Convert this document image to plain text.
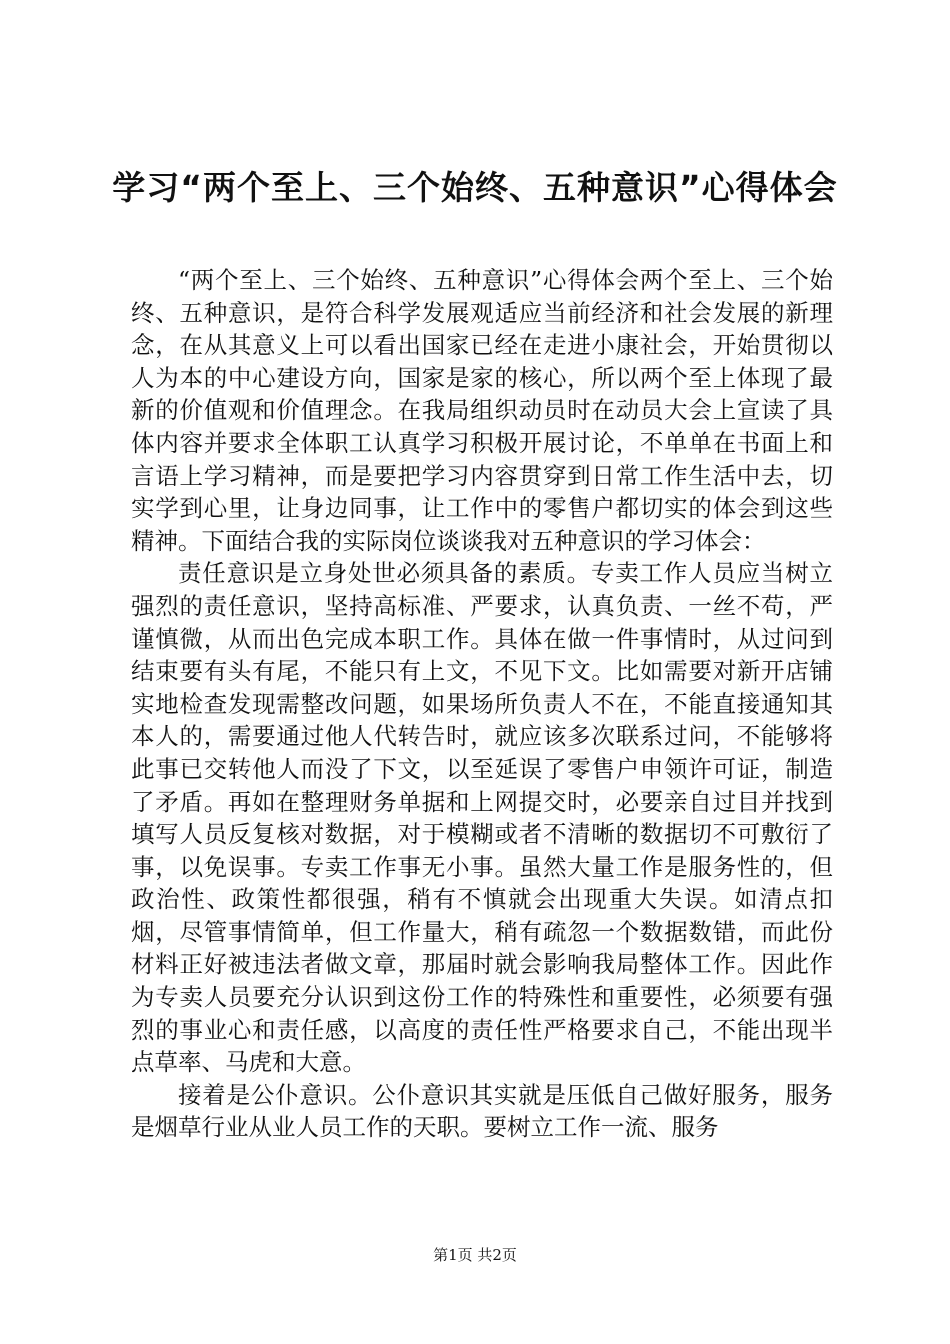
学习“两个至上、三个始终、五种意识”心得体会

“两个至上、三个始终、五种意识”心得体会两个至上、三个始终、五种意识，是符合科学发展观适应当前经济和社会发展的新理念，在从其意义上可以看出国家已经在走进小康社会，开始贯彻以人为本的中心建设方向，国家是家的核心，所以两个至上体现了最新的价值观和价值理念。在我局组织动员时在动员大会上宣读了具体内容并要求全体职工认真学习积极开展讨论，不单单在书面上和言语上学习精神，而是要把学习内容贯穿到日常工作生活中去，切实学到心里，让身边同事，让工作中的零售户都切实的体会到这些精神。下面结合我的实际岗位谈谈我对五种意识的学习体会：

责任意识是立身处世必须具备的素质。专卖工作人员应当树立强烈的责任意识，坚持高标准、严要求，认真负责、一丝不苟，严谨慎微，从而出色完成本职工作。具体在做一件事情时，从过问到结束要有头有尾，不能只有上文，不见下文。比如需要对新开店铺实地检查发现需整改问题，如果场所负责人不在，不能直接通知其本人的，需要通过他人代转告时，就应该多次联系过问，不能够将此事已交转他人而没了下文，以至延误了零售户申领许可证，制造了矛盾。再如在整理财务单据和上网提交时，必要亲自过目并找到填写人员反复核对数据，对于模糊或者不清晰的数据切不可敷衍了事，以免误事。专卖工作事无小事。虽然大量工作是服务性的，但政治性、政策性都很强，稍有不慎就会出现重大失误。如清点扣烟，尽管事情简单，但工作量大，稍有疏忽一个数据数错，而此份材料正好被违法者做文章，那届时就会影响我局整体工作。因此作为专卖人员要充分认识到这份工作的特殊性和重要性，必须要有强烈的事业心和责任感，以高度的责任性严格要求自己，不能出现半点草率、马虎和大意。

接着是公仆意识。公仆意识其实就是压低自己做好服务，服务是烟草行业从业人员工作的天职。要树立工作一流、服务

第1页 共2页
